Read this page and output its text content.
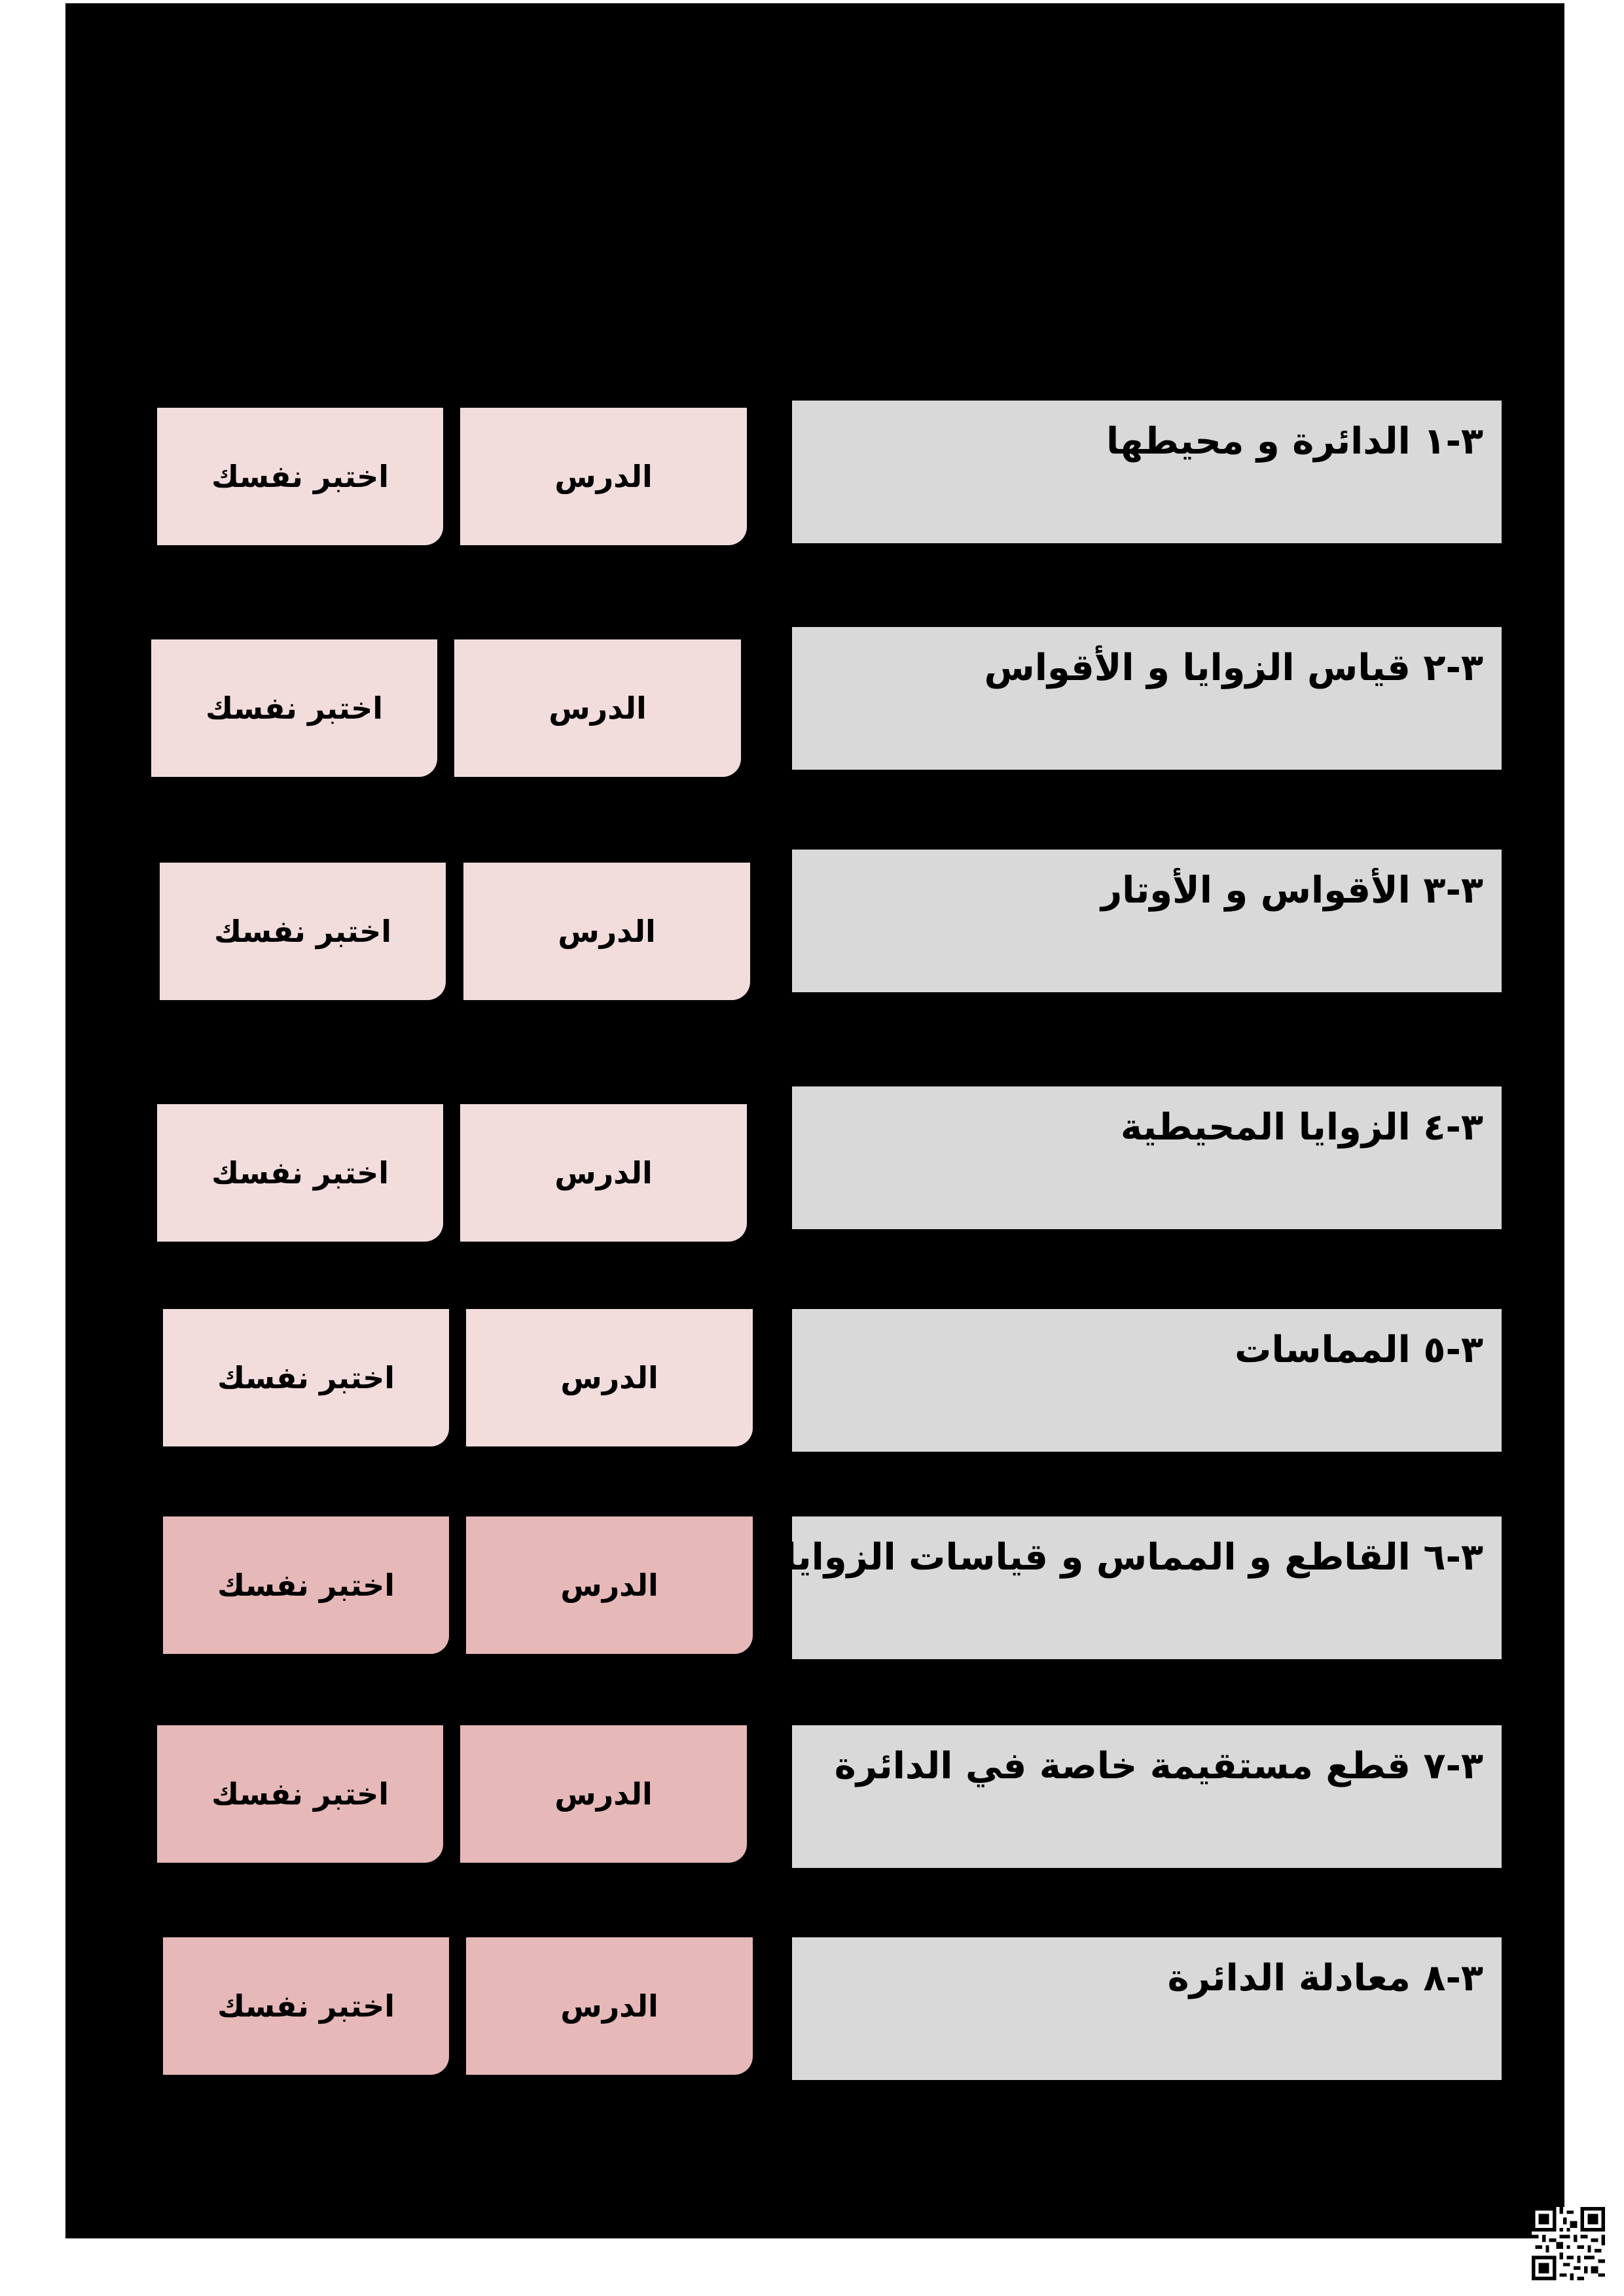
٣-١ الدائرة و محيطها
الدرس
اختبر نفسك
٣-٢ قياس الزوايا و الأقواس
الدرس
اختبر نفسك
٣-٣ الأقواس و الأوتار
الدرس
اختبر نفسك
٣-٤ الزوايا المحيطية
الدرس
اختبر نفسك
٣-٥ المماسات
الدرس
اختبر نفسك
٣-٦ القاطع و المماس و قياسات الزوايا
الدرس
اختبر نفسك
٣-٧ قطع مستقيمة خاصة في الدائرة
الدرس
اختبر نفسك
٣-٨ معادلة الدائرة
الدرس
اختبر نفسك
